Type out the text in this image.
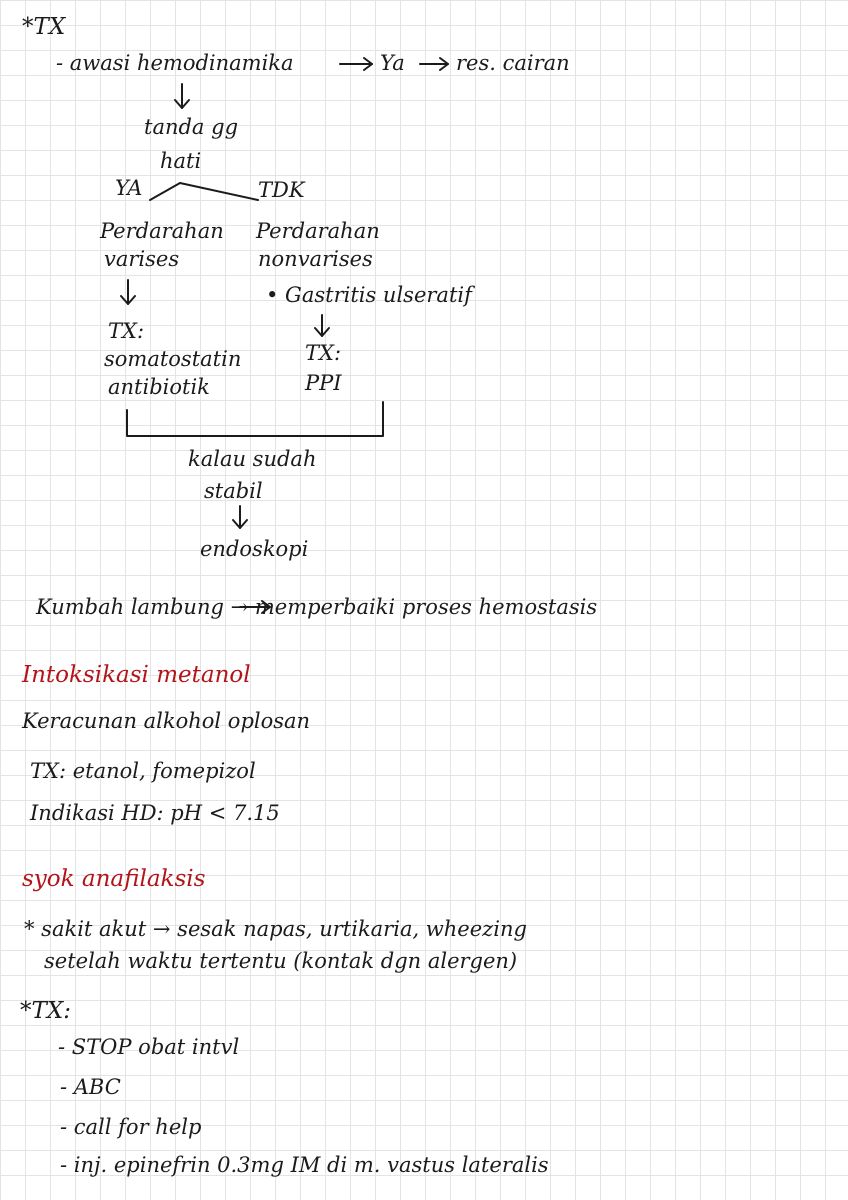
*TX
- awasi hemodinamika	Ya res. cairan
tanda gg
hati
YA	TDK
Perdarahan
varises
TX:
somatostatin
antibiotik
Perdarahan
nonvarises
• Gastritis ulseratif
TX:
PPI
kalau sudah
stabil
endoskopi
Kumbah lambung → memperbaiki proses hemostasis
Intoksikasi metanol
Keracunan alkohol oplosan
TX: etanol, fomepizol
Indikasi HD: pH < 7.15
syok anafilaksis
* sakit akut → sesak napas, urtikaria, wheezing
setelah waktu tertentu (kontak dgn alergen)
*TX:
- STOP obat intvl
- ABC
- call for help
- inj. epinefrin 0.3mg IM di m. vastus lateralis
